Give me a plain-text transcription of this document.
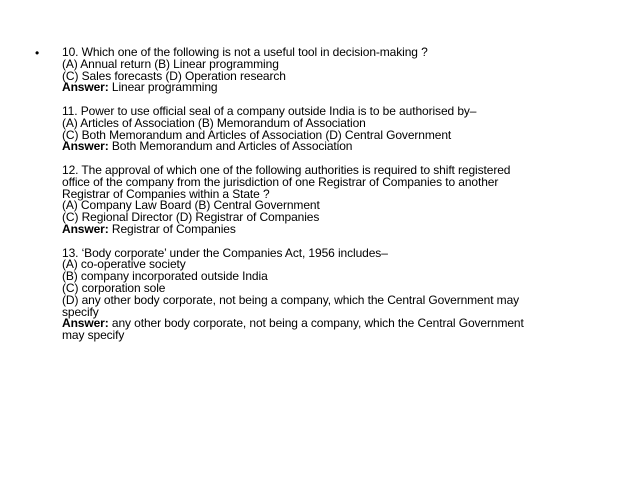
• 10. Which one of the following is not a useful tool in decision-making ?
(A) Annual return (B) Linear programming
(C) Sales forecasts (D) Operation research
Answer: Linear programming
11. Power to use official seal of a company outside India is to be authorised by–
(A) Articles of Association (B) Memorandum of Association
(C) Both Memorandum and Articles of Association (D) Central Government
Answer: Both Memorandum and Articles of Association
12. The approval of which one of the following authorities is required to shift registered
office of the company from the jurisdiction of one Registrar of Companies to another
Registrar of Companies within a State ?
(A) Company Law Board (B) Central Government
(C) Regional Director (D) Registrar of Companies
Answer: Registrar of Companies
13. ‘Body corporate’ under the Companies Act, 1956 includes–
(A) co-operative society
(B) company incorporated outside India
(C) corporation sole
(D) any other body corporate, not being a company, which the Central Government may
specify
Answer: any other body corporate, not being a company, which the Central Government
may specify
